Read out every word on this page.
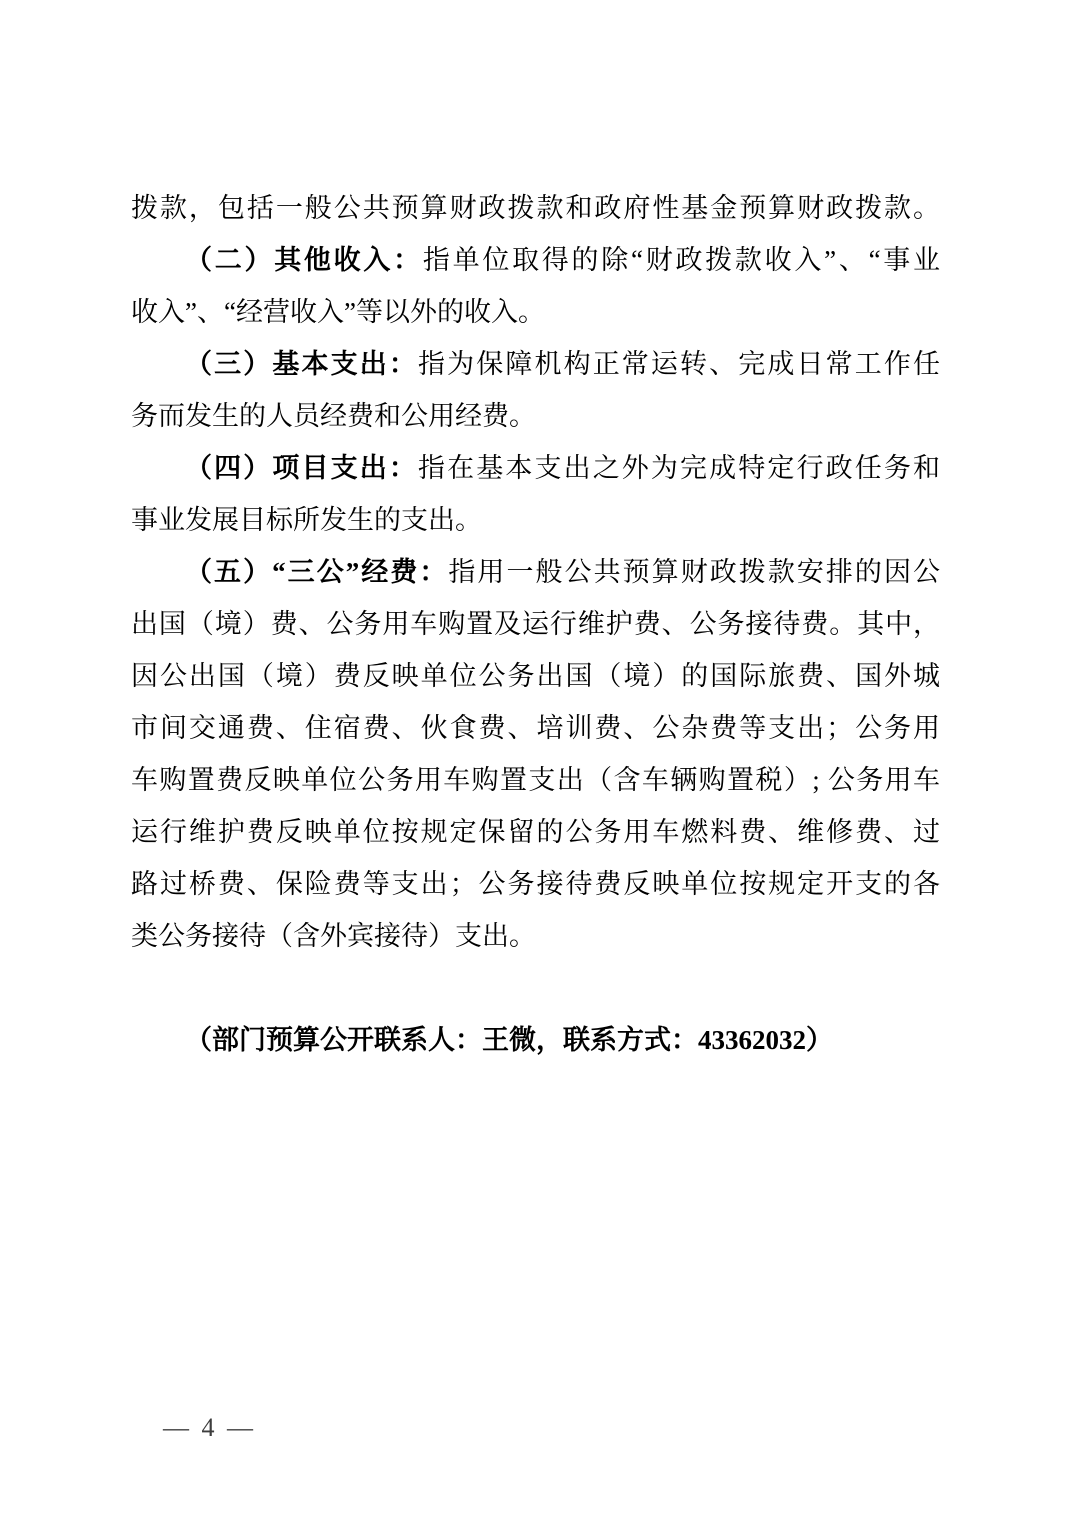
拨款，包括一般公共预算财政拨款和政府性基金预算财政拨款。
（二）其他收入：指单位取得的除“财政拨款收入”、“事业
收入”、“经营收入”等以外的收入。
（三）基本支出：指为保障机构正常运转、完成日常工作任
务而发生的人员经费和公用经费。
（四）项目支出：指在基本支出之外为完成特定行政任务和
事业发展目标所发生的支出。
（五）“三公”经费：指用一般公共预算财政拨款安排的因公
出国（境）费、公务用车购置及运行维护费、公务接待费。其中，
因公出国（境）费反映单位公务出国（境）的国际旅费、国外城
市间交通费、住宿费、伙食费、培训费、公杂费等支出；公务用
车购置费反映单位公务用车购置支出（含车辆购置税）; 公务用车
运行维护费反映单位按规定保留的公务用车燃料费、维修费、过
路过桥费、保险费等支出；公务接待费反映单位按规定开支的各
类公务接待（含外宾接待）支出。
（部门预算公开联系人：王微，联系方式：43362032）
— 4 —
